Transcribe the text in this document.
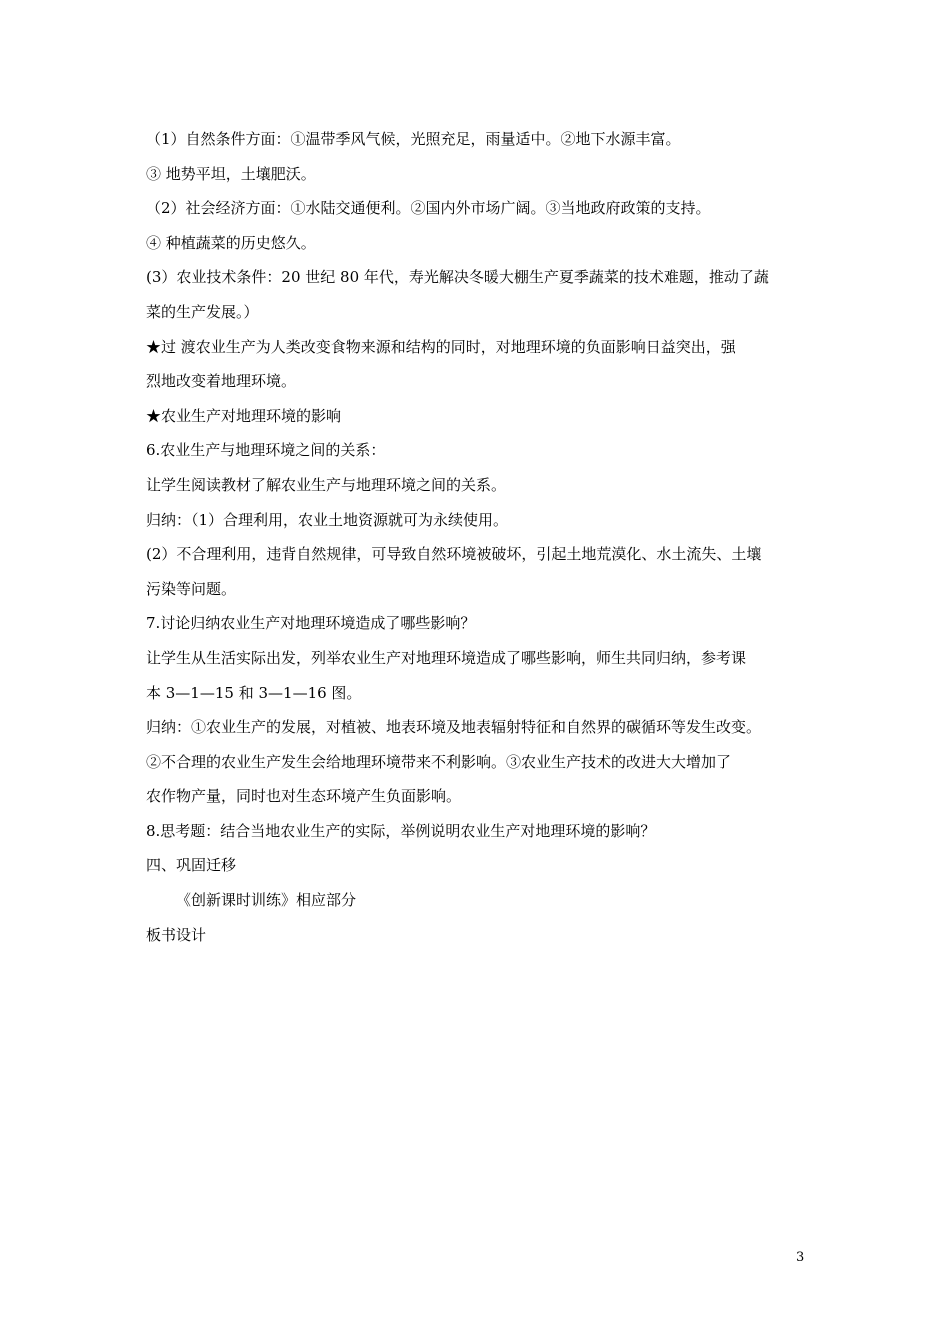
（1）自然条件方面：①温带季风气候，光照充足，雨量适中。②地下水源丰富。
③ 地势平坦，土壤肥沃。
（2）社会经济方面：①水陆交通便利。②国内外市场广阔。③当地政府政策的支持。
④ 种植蔬菜的历史悠久。
(3）农业技术条件：20 世纪 80 年代，寿光解决冬暖大棚生产夏季蔬菜的技术难题，推动了蔬
菜的生产发展。）
★过 渡农业生产为人类改变食物来源和结构的同时，对地理环境的负面影响日益突出，强
烈地改变着地理环境。
★农业生产对地理环境的影响
6.农业生产与地理环境之间的关系：
让学生阅读教材了解农业生产与地理环境之间的关系。
归纳：（1）合理利用，农业土地资源就可为永续使用。
(2）不合理利用，违背自然规律，可导致自然环境被破坏，引起土地荒漠化、水土流失、土壤
污染等问题。
7.讨论归纳农业生产对地理环境造成了哪些影响？
让学生从生活实际出发，列举农业生产对地理环境造成了哪些影响，师生共同归纳，参考课
本 3—1—15 和 3—1—16 图。
归纳：①农业生产的发展，对植被、地表环境及地表辐射特征和自然界的碳循环等发生改变。
②不合理的农业生产发生会给地理环境带来不利影响。③农业生产技术的改进大大增加了
农作物产量，同时也对生态环境产生负面影响。
8.思考题：结合当地农业生产的实际，举例说明农业生产对地理环境的影响？
四、巩固迁移
《创新课时训练》相应部分
板书设计
3
